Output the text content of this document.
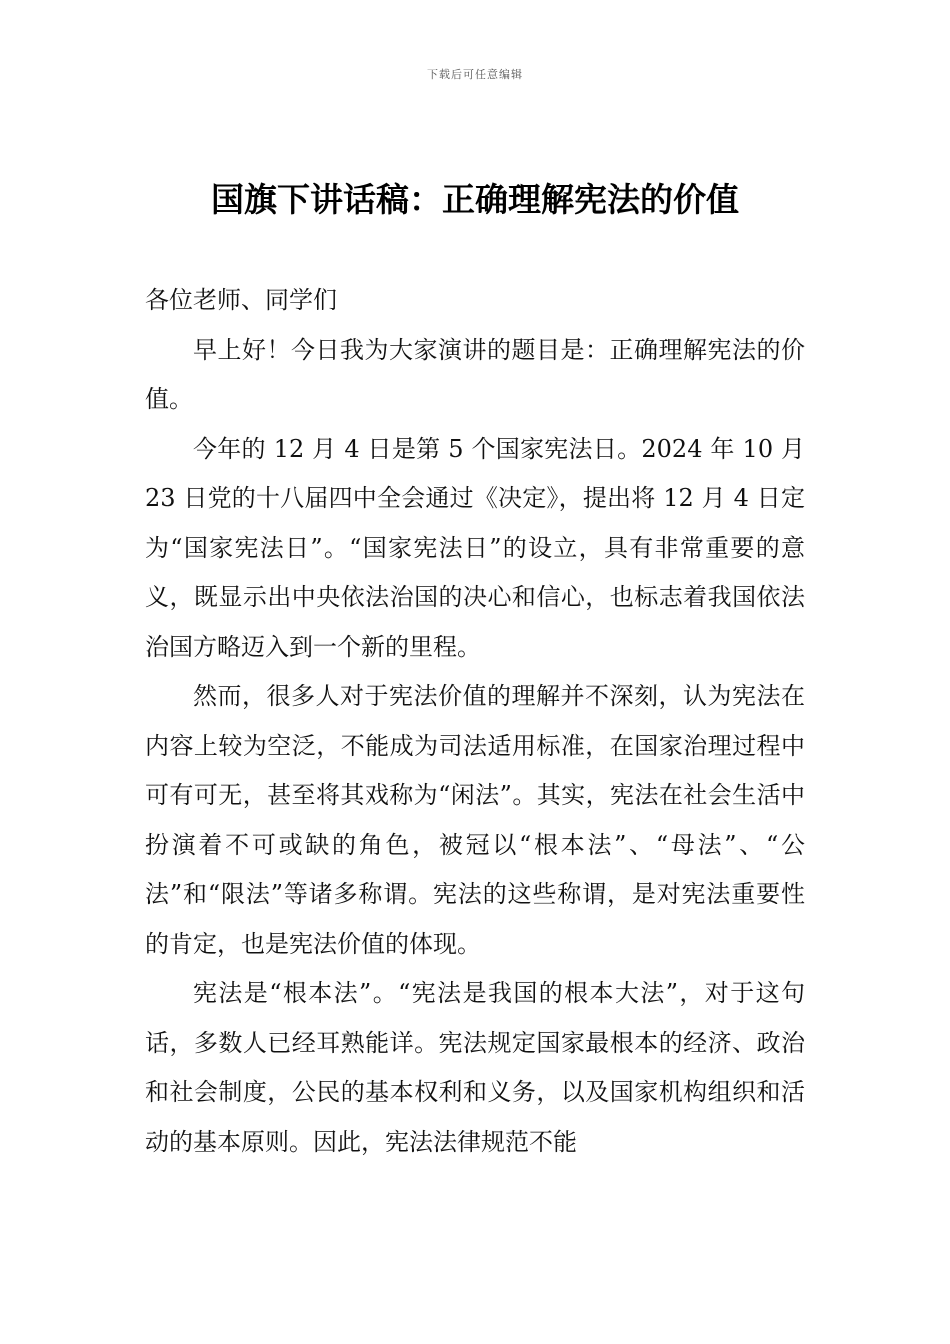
下载后可任意编辑
国旗下讲话稿：正确理解宪法的价值

各位老师、同学们

早上好！今日我为大家演讲的题目是：正确理解宪法的价值。

今年的 12 月 4 日是第 5 个国家宪法日。2024 年 10 月 23 日党的十八届四中全会通过《决定》，提出将 12 月 4 日定为“国家宪法日”。“国家宪法日”的设立，具有非常重要的意义，既显示出中央依法治国的决心和信心，也标志着我国依法治国方略迈入到一个新的里程。

然而，很多人对于宪法价值的理解并不深刻，认为宪法在内容上较为空泛，不能成为司法适用标准，在国家治理过程中可有可无，甚至将其戏称为“闲法”。其实，宪法在社会生活中扮演着不可或缺的角色，被冠以“根本法”、“母法”、“公法”和“限法”等诸多称谓。宪法的这些称谓，是对宪法重要性的肯定，也是宪法价值的体现。

宪法是“根本法”。“宪法是我国的根本大法”，对于这句话，多数人已经耳熟能详。宪法规定国家最根本的经济、政治和社会制度，公民的基本权利和义务，以及国家机构组织和活动的基本原则。因此，宪法法律规范不能
